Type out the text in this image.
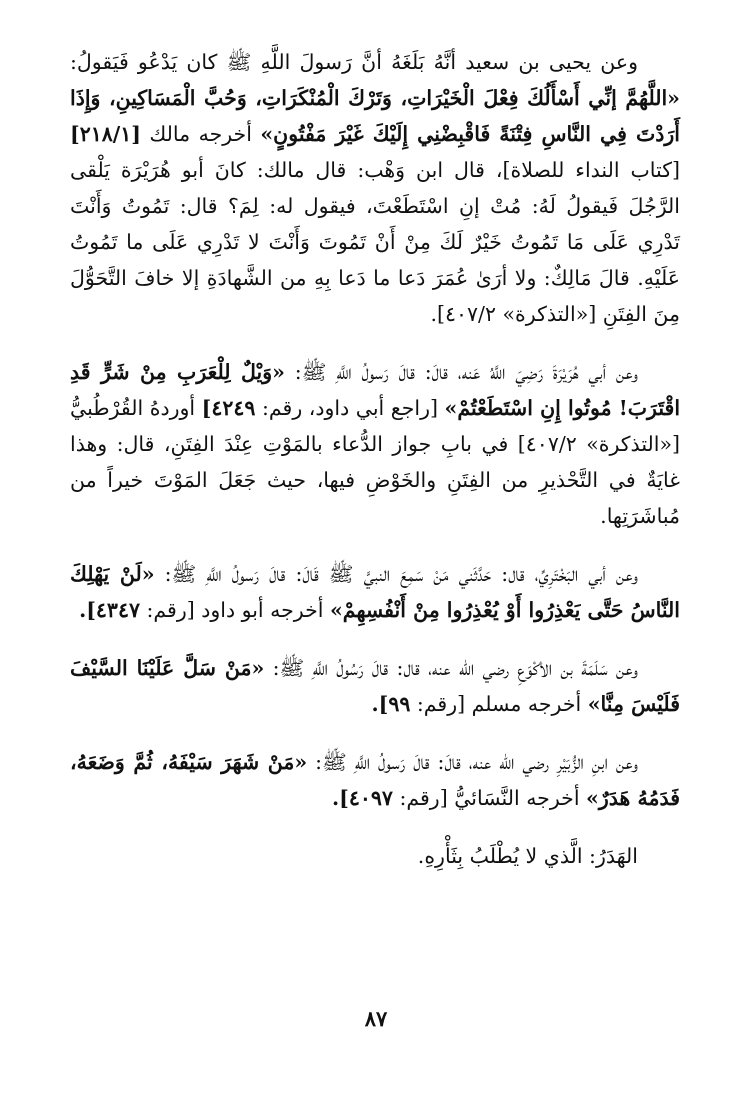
وعن يحيى بن سعيد أنَّهُ بَلَغَهُ أنَّ رَسولَ اللَّهِ ﷺ كان يَدْعُو فَيَقولُ: «اللَّهُمَّ إنِّي أَسْأَلُكَ فِعْلَ الْخَيْرَاتِ، وَتَرْكَ الْمُنْكَرَاتِ، وَحُبَّ الْمَسَاكِينِ، وَإِذَا أَرَدْتَ فِي النَّاسِ فِتْنَةً فَاقْبِضْنِي إِلَيْكَ غَيْرَ مَفْتُونٍ» أخرجه مالك [٢١٨/١] [كتاب النداء للصلاة]، قال ابن وَهْب: قال مالك: كانَ أبو هُرَيْرَة يَلْقى الرَّجُلَ فَيقولُ لَهُ: مُتْ إنِ اسْتَطَعْتَ، فيقول له: لِمَ؟ قال: تَمُوتُ وَأَنْتَ تَدْرِي عَلَى مَا تَمُوتُ خَيْرٌ لَكَ مِنْ أَنْ تَمُوتَ وَأَنْتَ لا تَدْرِي عَلَى ما تَمُوتُ عَلَيْهِ. قالَ مَالِكٌ: ولا أرَىٰ عُمَرَ دَعا ما دَعا بِهِ من الشَّهادَةِ إلا خافَ التَّحَوُّلَ مِنَ الفِتَنِ [«التذكرة» ٤٠٧/٢].

وعن أبي هُرَيْرَةَ رَضِيَ اللَّهُ عَنه، قالَ: قالَ رَسولُ اللَّهِ ﷺ: «وَيْلٌ لِلْعَرَبِ مِنْ شَرٍّ قَدِ اقْتَرَبَ! مُوتُوا إِنِ اسْتَطَعْتُمْ» [راجع أبي داود، رقم: ٤٢٤٩] أوردهُ القُرْطُبيُّ [«التذكرة» ٤٠٧/٢] في بابِ جواز الدُّعاء بالمَوْتِ عِنْدَ الفِتَنِ، قال: وهذا غايَةٌ في التَّحْذيرِ من الفِتَنِ والخَوْضِ فيها، حيث جَعَلَ المَوْتَ خيراً من مُباشَرَتِها.

وعن أبي البَخْتَرِيِّ، قال: حَدَّثَني مَنْ سَمِعَ النبيَّ ﷺ قَالَ: قالَ رَسولُ اللَّهِ ﷺ: «لَنْ يَهْلِكَ النَّاسُ حَتَّى يَعْذِرُوا أَوْ يُعْذِرُوا مِنْ أَنْفُسِهِمْ» أخرجه أبو داود [رقم: ٤٣٤٧].

وعن سَلَمَةَ بن الأكْوَعِ رضي الله عنه، قال: قالَ رَسُولُ اللَّهِ ﷺ: «مَنْ سَلَّ عَلَيْنَا السَّيْفَ فَلَيْسَ مِنَّا» أخرجه مسلم [رقم: ٩٩].

وعن ابنِ الزُّبَيْرِ رضي الله عنه، قالَ: قالَ رَسولُ اللَّهِ ﷺ: «مَنْ شَهَرَ سَيْفَهُ، ثُمَّ وَضَعَهُ، فَدَمُهُ هَدَرٌ» أخرجه النَّسَائيُّ [رقم: ٤٠٩٧].

الهَدَرُ: الَّذي لا يُطْلَبُ بِثَأْرِهِ.

٨٧
